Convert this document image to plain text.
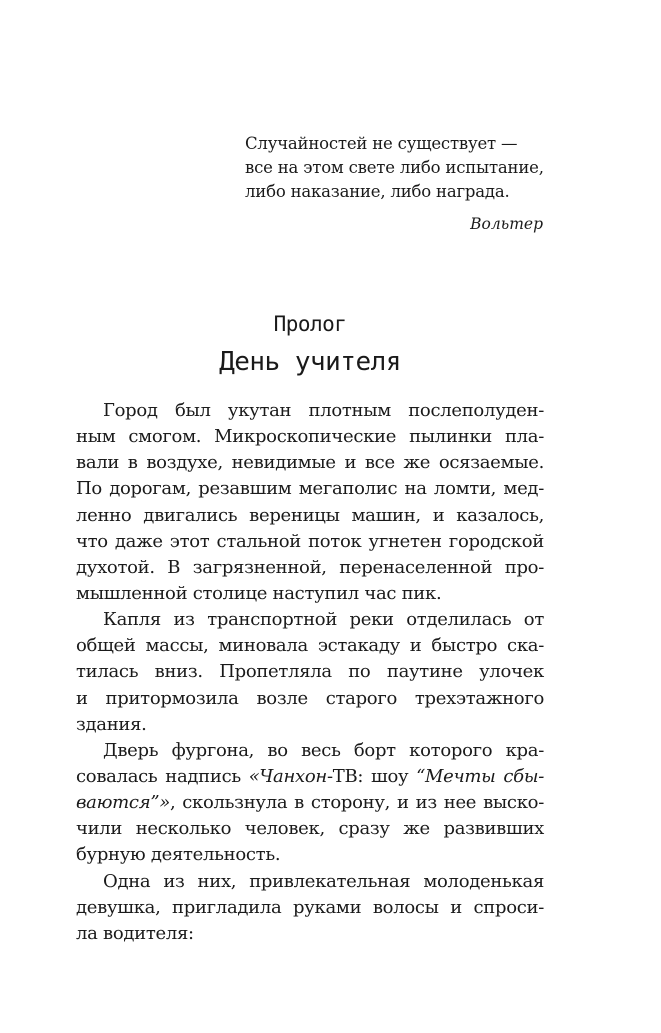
Случайностей не существует —
все на этом свете либо испытание,
либо наказание, либо награда.
Вольтер
Пролог
День учителя
Город был укутан плотным послеполуден-
ным смогом. Микроскопические пылинки пла-
вали в воздухе, невидимые и все же осязаемые.
По дорогам, резавшим мегаполис на ломти, мед-
ленно двигались вереницы машин, и казалось,
что даже этот стальной поток угнетен городской
духотой. В загрязненной, перенаселенной про-
мышленной столице наступил час пик.
Капля из транспортной реки отделилась от
общей массы, миновала эстакаду и быстро ска-
тилась вниз. Пропетляла по паутине улочек
и притормозила возле старого трехэтажного
здания.
Дверь фургона, во весь борт которого кра-
совалась надпись «Чанхон-ТВ: шоу “Мечты сбы-
ваются”», скользнула в сторону, и из нее выско-
чили несколько человек, сразу же развивших
бурную деятельность.
Одна из них, привлекательная молоденькая
девушка, пригладила руками волосы и спроси-
ла водителя:
